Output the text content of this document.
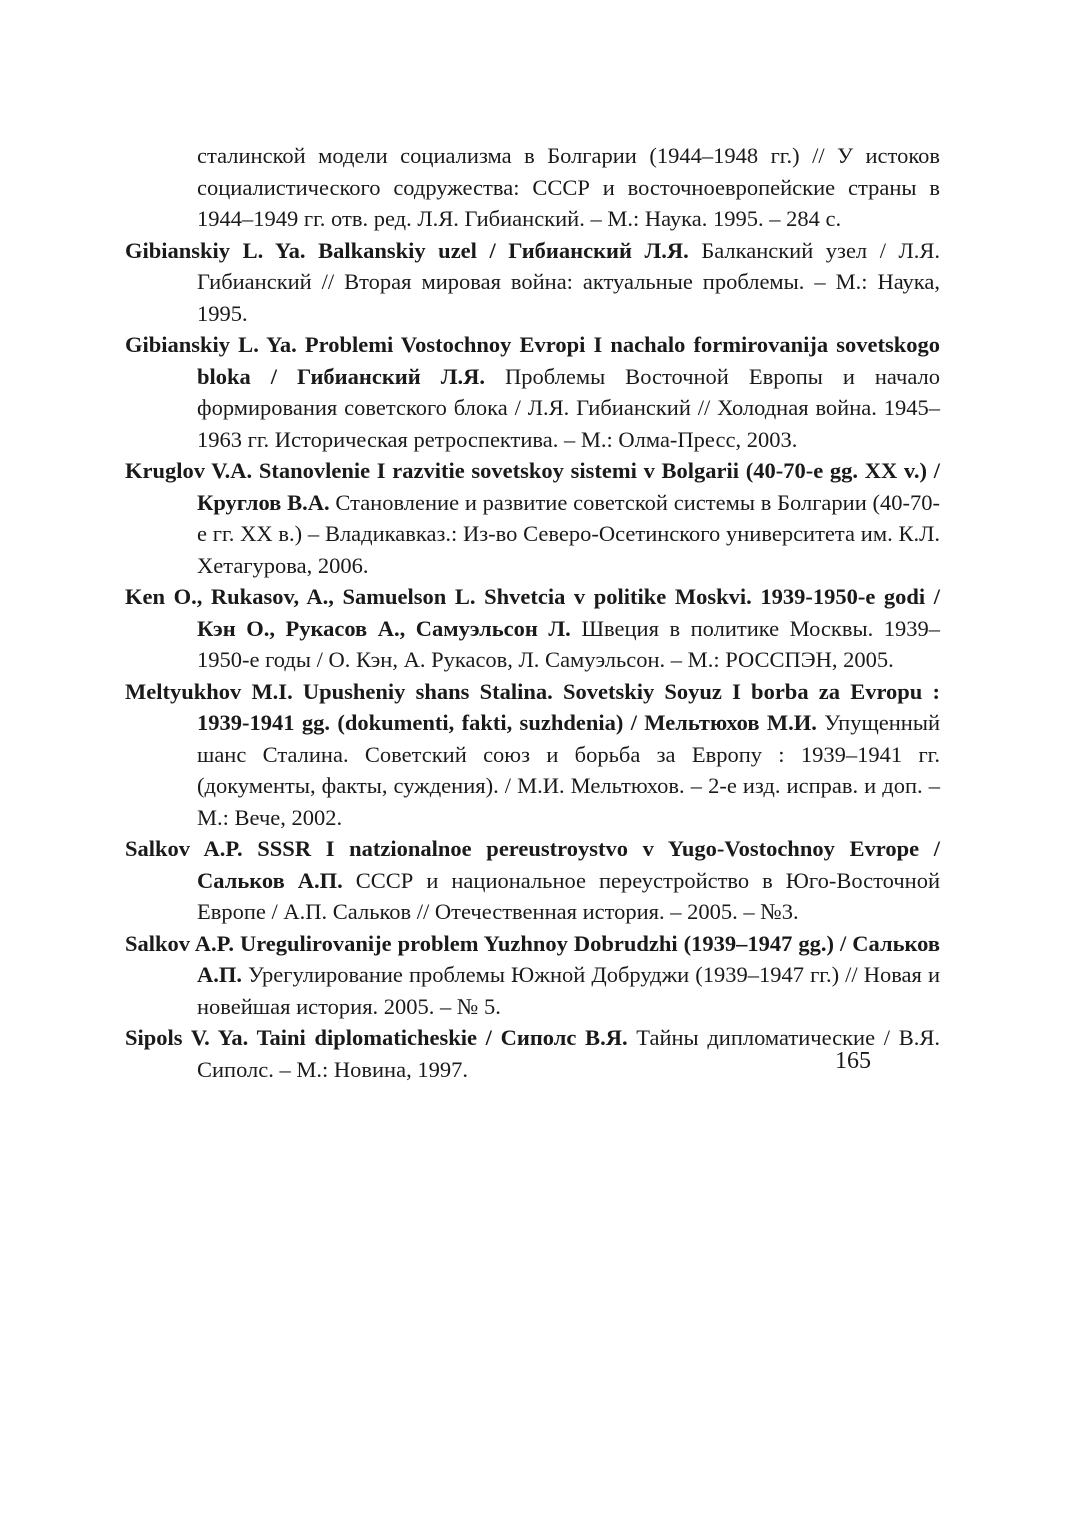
сталинской модели социализма в Болгарии (1944–1948 гг.) // У истоков социалистического содружества: СССР и восточноевропейские страны в 1944–1949 гг. отв. ред. Л.Я. Гибианский. – М.: Наука. 1995. – 284 с.

Gibianskiy L. Ya. Balkanskiy uzel / Гибианский Л.Я. Балканский узел / Л.Я. Гибианский // Вторая мировая война: актуальные проблемы. – М.: Наука, 1995.

Gibianskiy L. Ya. Problemi Vostochnoy Evropi I nachalo formirovanija sovetskogo bloka / Гибианский Л.Я. Проблемы Восточной Европы и начало формирования советского блока / Л.Я. Гибианский // Холодная война. 1945–1963 гг. Историческая ретроспектива. – М.: Олма-Пресс, 2003.

Kruglov V.A. Stanovlenie I razvitie sovetskoy sistemi v Bolgarii (40-70-e gg. XX v.) / Круглов В.А. Становление и развитие советской системы в Болгарии (40-70-е гг. XX в.) – Владикавказ.: Из-во Северо-Осетинского университета им. К.Л. Хетагурова, 2006.

Ken O., Rukasov, A., Samuelson L. Shvetcia v politike Moskvi. 1939-1950-e godi / Кэн О., Рукасов А., Самуэльсон Л. Швеция в политике Москвы. 1939–1950-е годы / О. Кэн, А. Рукасов, Л. Самуэльсон. – М.: РОССПЭН, 2005.

Meltyukhov M.I. Upusheniy shans Stalina. Sovetskiy Soyuz I borba za Evropu : 1939-1941 gg. (dokumenti, fakti, suzhdenia) / Мельтюхов М.И. Упущенный шанс Сталина. Советский союз и борьба за Европу : 1939–1941 гг. (документы, факты, суждения). / М.И. Мельтюхов. – 2-е изд. исправ. и доп. – М.: Вече, 2002.

Salkov A.P. SSSR I natzionalnoe pereustroystvo v Yugo-Vostochnoy Evrope / Сальков А.П. СССР и национальное переустройство в Юго-Восточной Европе / А.П. Сальков // Отечественная история. – 2005. – №3.

Salkov A.P. Uregulirovanije problem Yuzhnoy Dobrudzhi (1939–1947 gg.) / Сальков А.П. Урегулирование проблемы Южной Добруджи (1939–1947 гг.) // Новая и новейшая история. 2005. – № 5.

Sipols V. Ya. Taini diplomaticheskie / Сиполс В.Я. Тайны дипломатические / В.Я. Сиполс. – М.: Новина, 1997.	165
